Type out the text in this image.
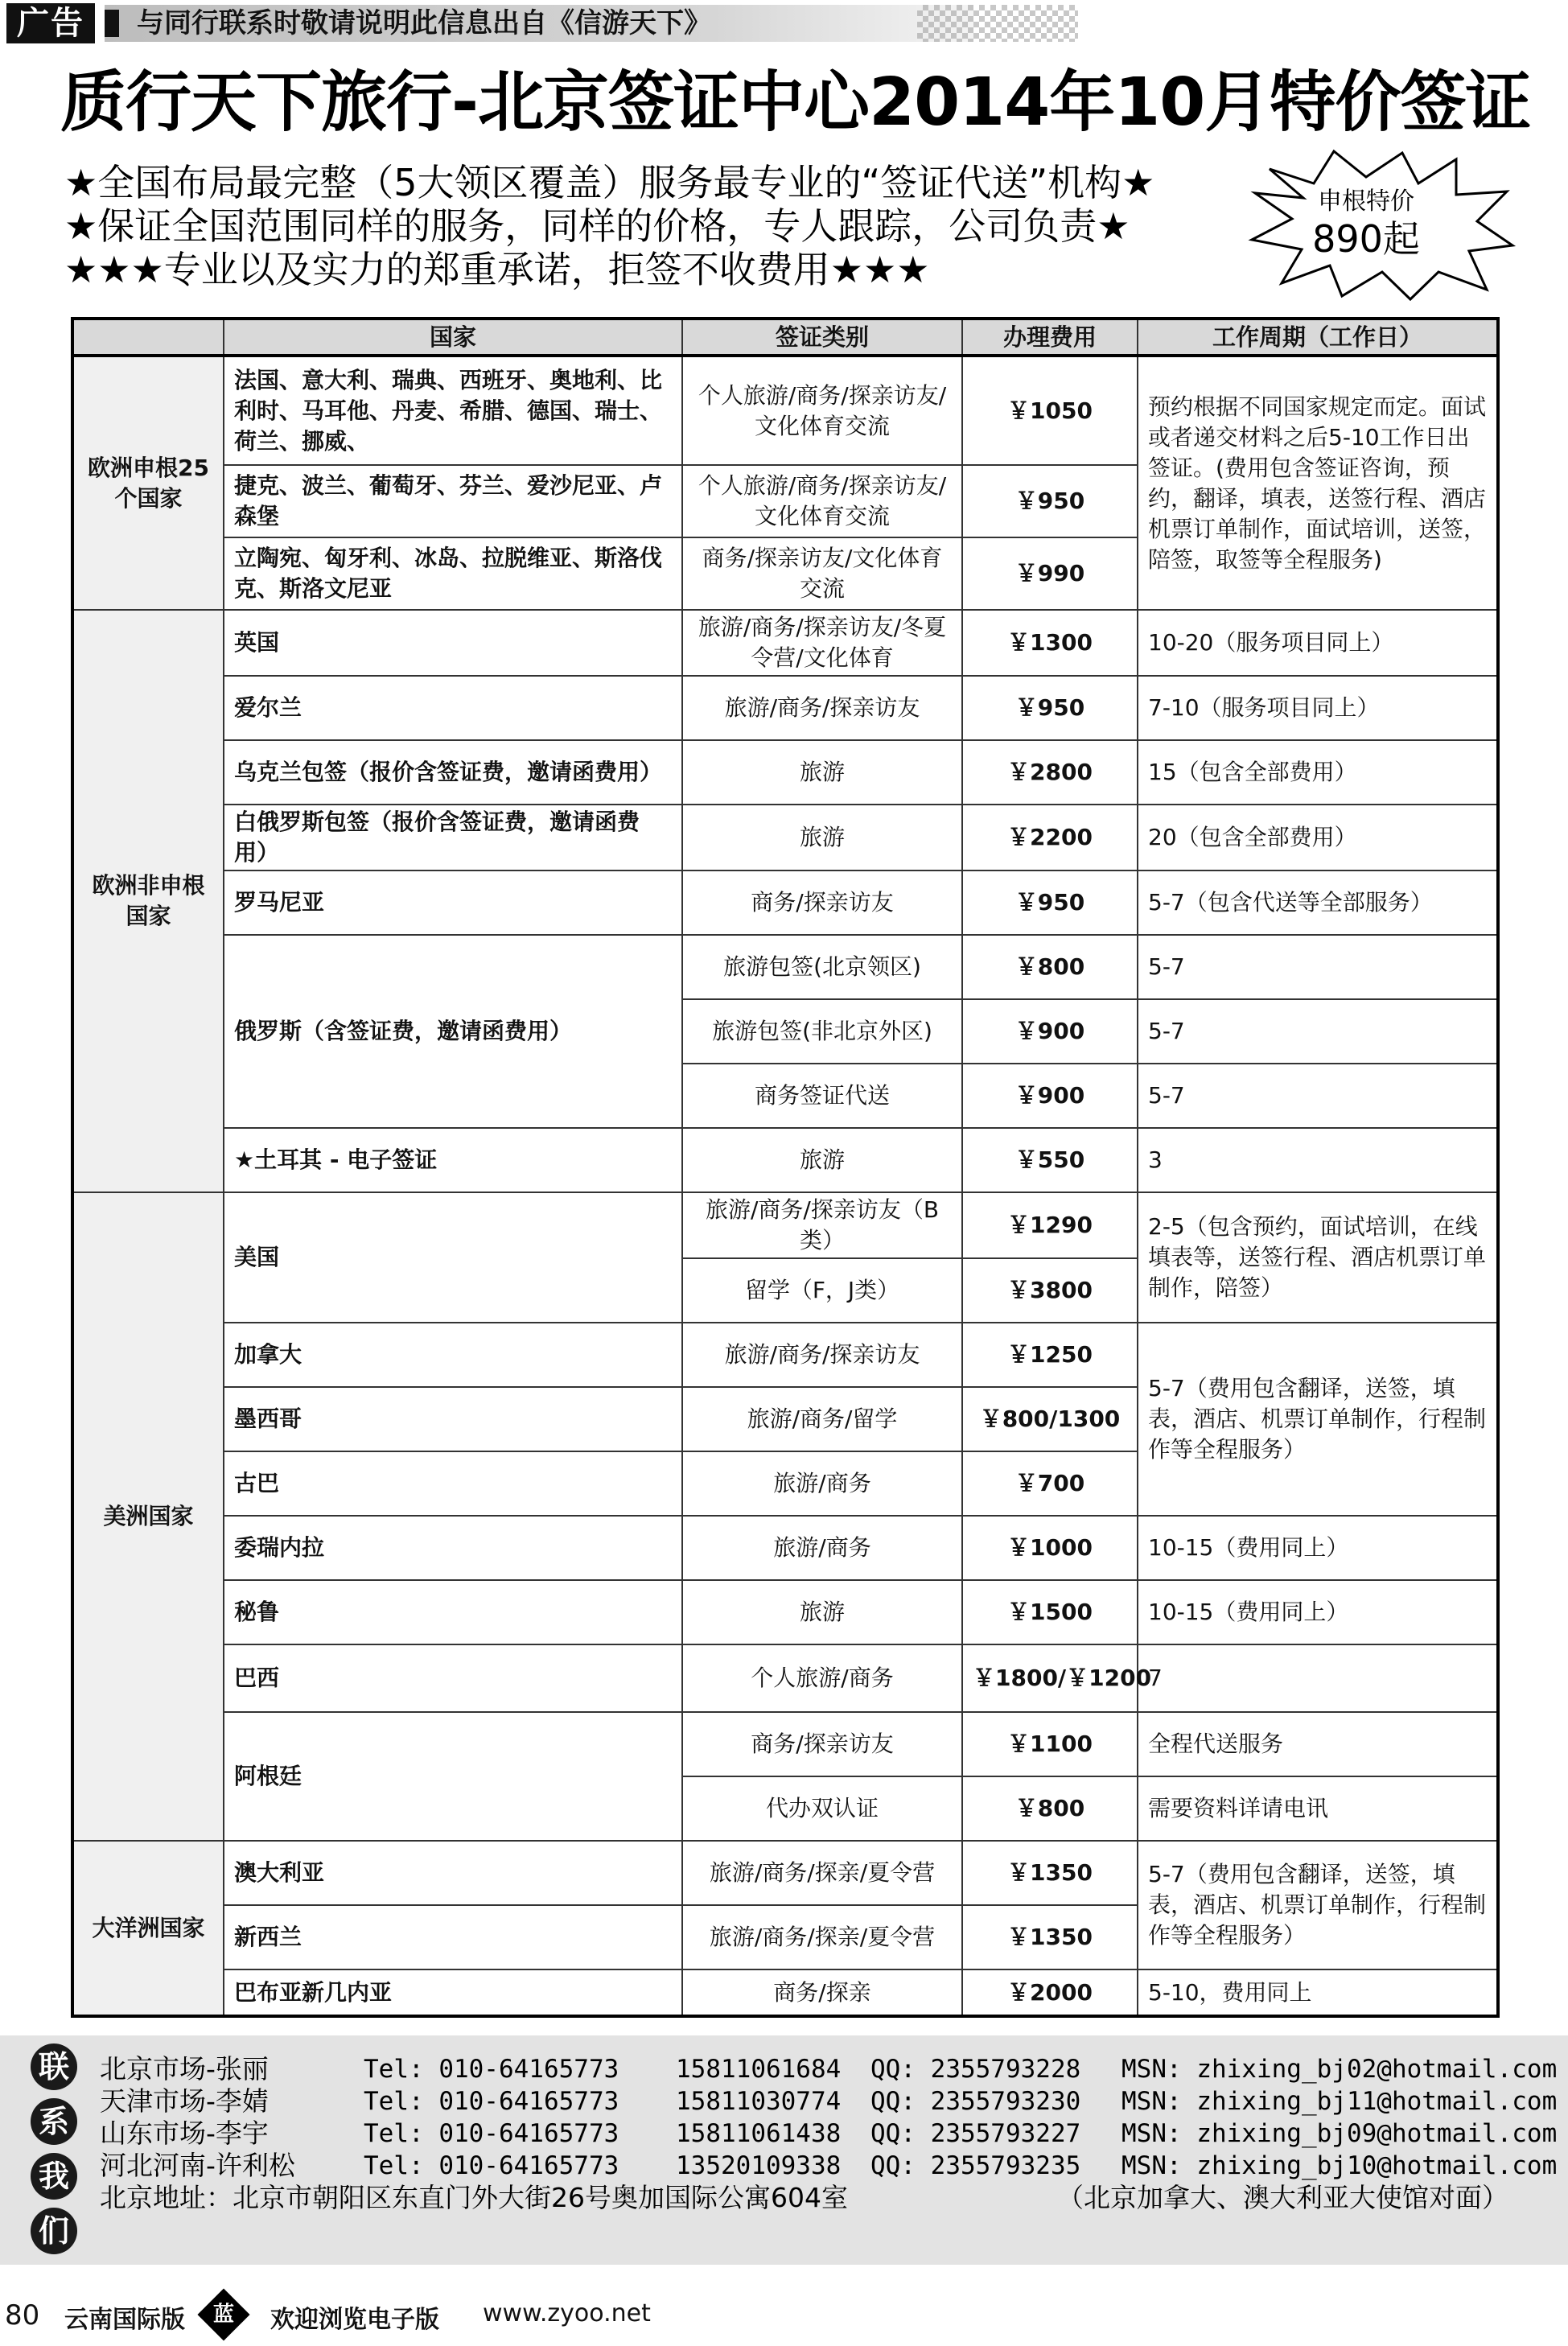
广告	与同行联系时敬请说明此信息出自《信游天下》
质行天下旅行-北京签证中心2014年10月特价签证
★全国布局最完整（5大领区覆盖）服务最专业的“签证代送”机构★
★保证全国范围同样的服务，同样的价格，专人跟踪，公司负责★
★★★专业以及实力的郑重承诺，拒签不收费用★★★
申根特价
890起
	国家	签证类别	办理费用	工作周期（工作日）
欧洲申根25个国家	法国、意大利、瑞典、西班牙、奥地利、比利时、马耳他、丹麦、希腊、德国、瑞士、荷兰、挪威、	个人旅游/商务/探亲访友/文化体育交流	￥1050	预约根据不同国家规定而定。面试或者递交材料之后5-10工作日出签证。(费用包含签证咨询，预约，翻译，填表，送签行程、酒店机票订单制作，面试培训，送签，陪签，取签等全程服务)
	捷克、波兰、葡萄牙、芬兰、爱沙尼亚、卢森堡	个人旅游/商务/探亲访友/文化体育交流	￥950	
	立陶宛、匈牙利、冰岛、拉脱维亚、斯洛伐克、斯洛文尼亚	商务/探亲访友/文化体育交流	￥990	
欧洲非申根国家	英国	旅游/商务/探亲访友/冬夏令营/文化体育	￥1300	10-20（服务项目同上）
	爱尔兰	旅游/商务/探亲访友	￥950	7-10（服务项目同上）
	乌克兰包签（报价含签证费，邀请函费用）	旅游	￥2800	15（包含全部费用）
	白俄罗斯包签（报价含签证费，邀请函费用）	旅游	￥2200	20（包含全部费用）
	罗马尼亚	商务/探亲访友	￥950	5-7（包含代送等全部服务）
	俄罗斯（含签证费，邀请函费用）	旅游包签(北京领区)	￥800	5-7
		旅游包签(非北京外区)	￥900	5-7
		商务签证代送	￥900	5-7
	★土耳其 - 电子签证	旅游	￥550	3
美洲国家	美国	旅游/商务/探亲访友（B类）	￥1290	2-5（包含预约，面试培训，在线填表等，送签行程、酒店机票订单制作，陪签）
		留学（F，J类）	￥3800	
	加拿大	旅游/商务/探亲访友	￥1250	5-7（费用包含翻译，送签，填表，酒店、机票订单制作，行程制作等全程服务）
	墨西哥	旅游/商务/留学	￥800/1300	
	古巴	旅游/商务	￥700	
	委瑞内拉	旅游/商务	￥1000	10-15（费用同上）
	秘鲁	旅游	￥1500	10-15（费用同上）
	巴西	个人旅游/商务	￥1800/￥1200	7
	阿根廷	商务/探亲访友	￥1100	全程代送服务
		代办双认证	￥800	需要资料详请电讯
大洋洲国家	澳大利亚	旅游/商务/探亲/夏令营	￥1350	5-7（费用包含翻译，送签，填表，酒店、机票订单制作，行程制作等全程服务）
	新西兰	旅游/商务/探亲/夏令营	￥1350	
	巴布亚新几内亚	商务/探亲	￥2000	5-10，费用同上
联
系
我
们
北京市场-张丽	Tel: 010-64165773 15811061684 QQ: 2355793228 MSN: zhixing_bj02@hotmail.com
天津市场-李婧	Tel: 010-64165773 15811030774 QQ: 2355793230 MSN: zhixing_bj11@hotmail.com
山东市场-李宇	Tel: 010-64165773 15811061438 QQ: 2355793227 MSN: zhixing_bj09@hotmail.com
河北河南-许利松	Tel: 010-64165773 13520109338 QQ: 2355793235 MSN: zhixing_bj10@hotmail.com
北京地址：北京市朝阳区东直门外大街26号奥加国际公寓604室	（北京加拿大、澳大利亚大使馆对面）
80 云南国际版	蓝	欢迎浏览电子版 www.zyoo.net
